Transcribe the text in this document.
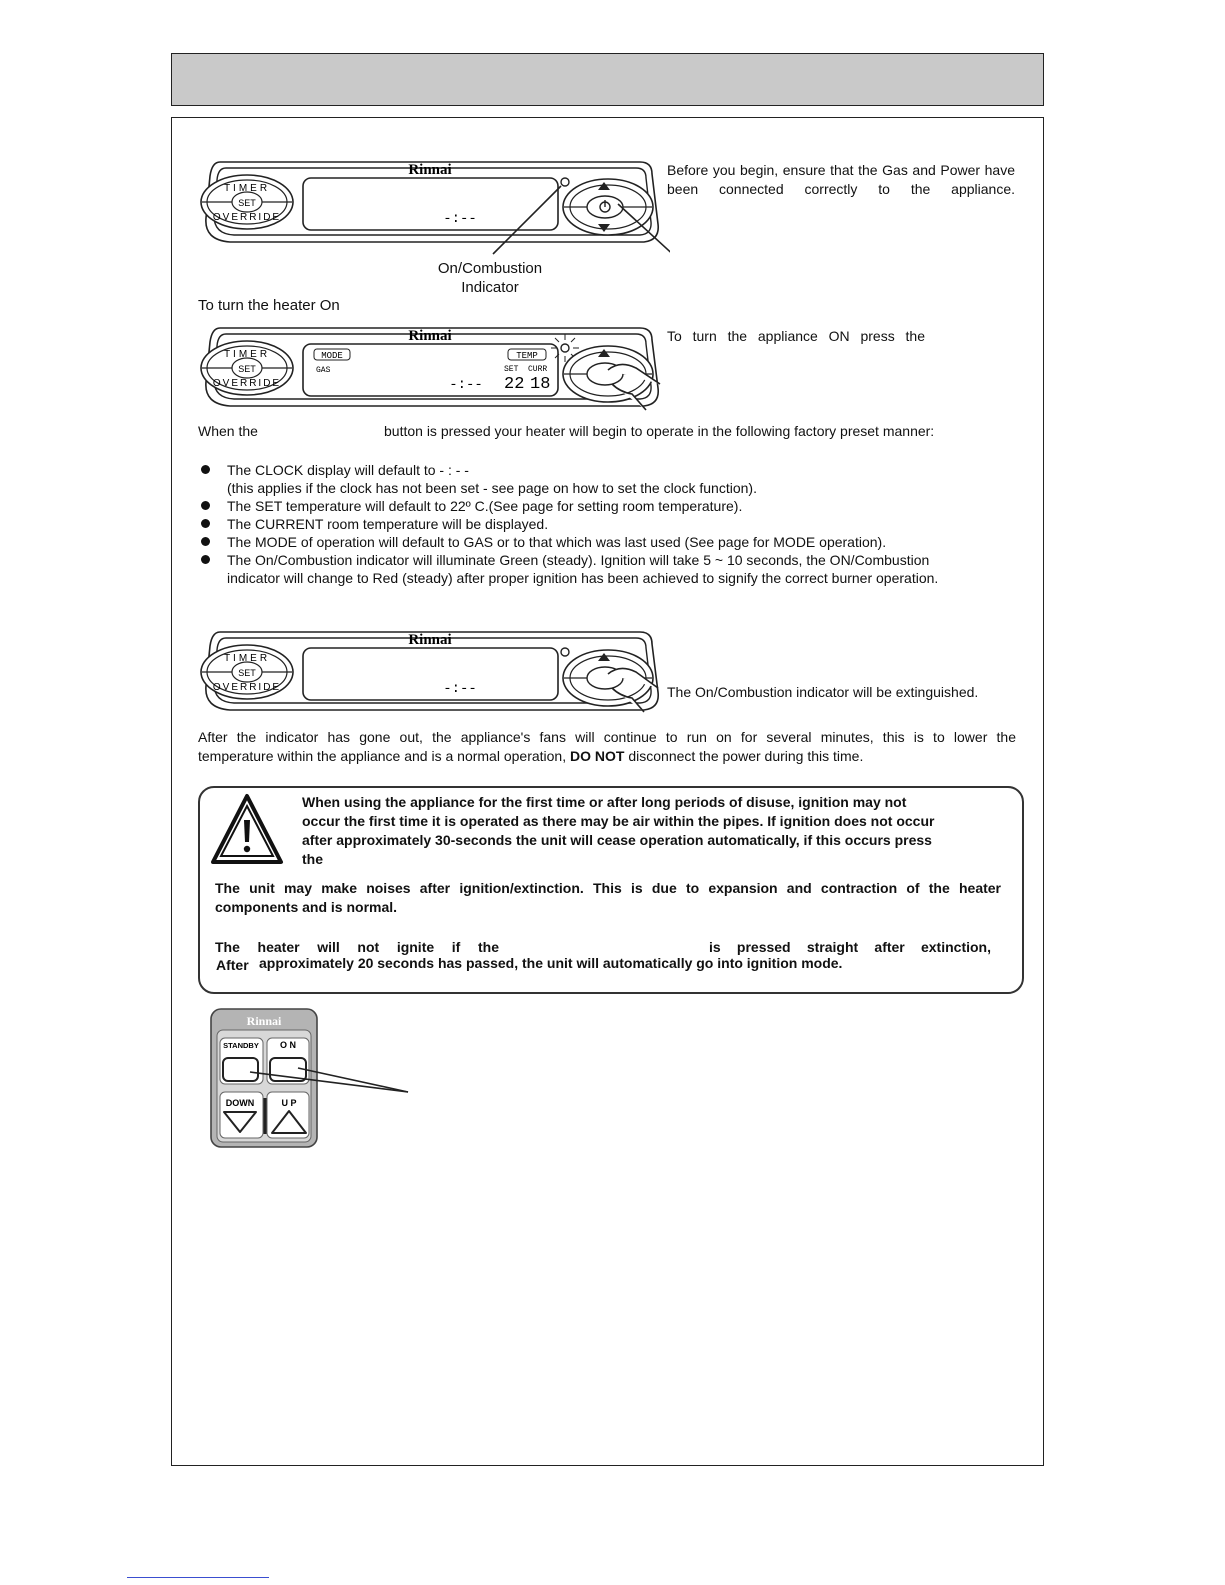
Rinnai
SET
TIMER
OVERRIDE	-:--
Before you begin, ensure that the Gas and Power have been connected correctly to the appliance.
On/Combustion
Indicator
To turn the heater On
Rinnai
SET
TIMER
OVERRIDE
MODE
GAS
TEMP
SET CURR
22 18
-:--
To turn the appliance ON press the
When the	button is pressed your heater will begin to operate in the following factory preset manner:
The CLOCK display will default to - : - -
(this applies if the clock has not been set - see page on how to set the clock function).
The SET temperature will default to 22º C.(See page for setting room temperature).
The CURRENT room temperature will be displayed.
The MODE of operation will default to GAS or to that which was last used (See page for MODE operation).
The On/Combustion indicator will illuminate Green (steady). Ignition will take 5 ~ 10 seconds, the ON/Combustion
indicator will change to Red (steady) after proper ignition has been achieved to signify the correct burner operation.
Rinnai
SET
TIMER
OVERRIDE	-:--	The On/Combustion indicator will be extinguished.
After the indicator has gone out, the appliance's fans will continue to run on for several minutes, this is to lower the
temperature within the appliance and is a normal operation, DO NOT disconnect the power during this time.
When using the appliance for the first time or after long periods of disuse, ignition may not
occur the first time it is operated as there may be air within the pipes. If ignition does not occur
after approximately 30-seconds the unit will cease operation automatically, if this occurs press
the
The unit may make noises after ignition/extinction. This is due to expansion and contraction of the heater
components and is normal.
The heater will not ignite if the	is pressed straight after extinction,
After approximately 20 seconds has passed, the unit will automatically go into ignition mode.
Rinnai
STANDBY O N
DOWN	U P
